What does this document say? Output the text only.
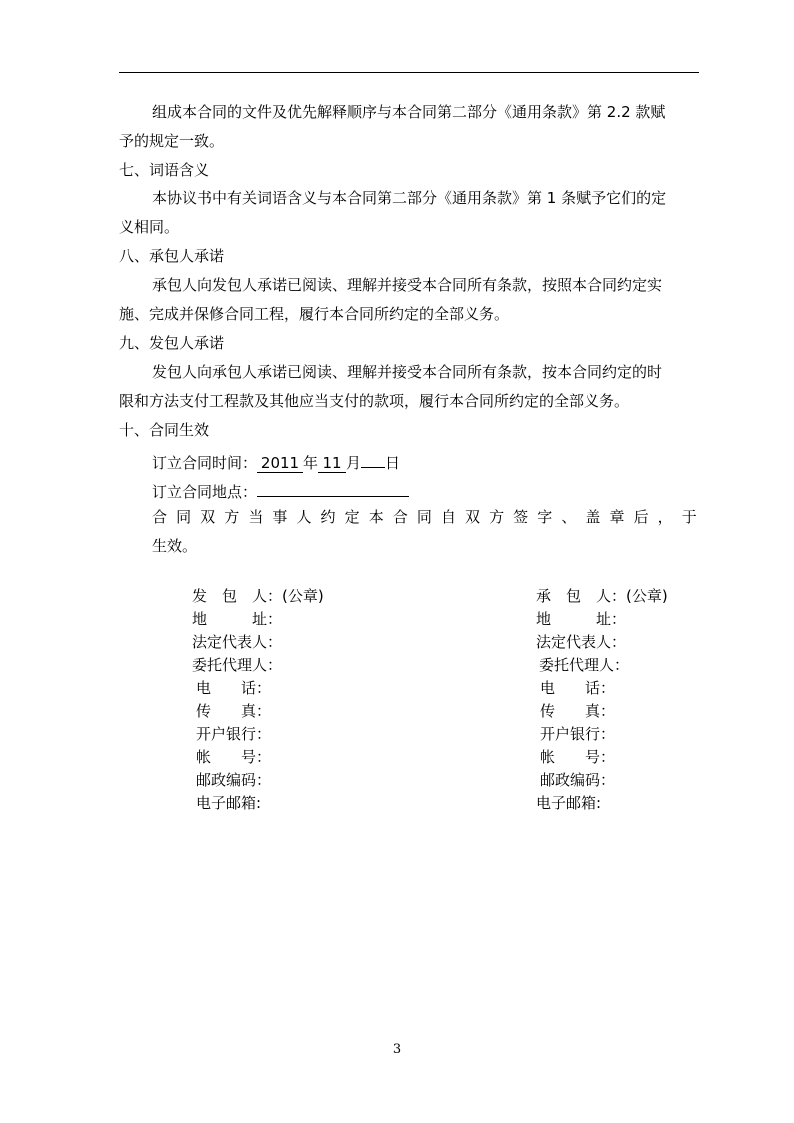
组成本合同的文件及优先解释顺序与本合同第二部分《通用条款》第 2.2 款赋
予的规定一致。
七、词语含义
本协议书中有关词语含义与本合同第二部分《通用条款》第 1 条赋予它们的定
义相同。
八、承包人承诺
承包人向发包人承诺已阅读、理解并接受本合同所有条款，按照本合同约定实
施、完成并保修合同工程，履行本合同所约定的全部义务。
九、发包人承诺
发包人向承包人承诺已阅读、理解并接受本合同所有条款，按本合同约定的时
限和方法支付工程款及其他应当支付的款项，履行本合同所约定的全部义务。
十、合同生效
订立合同时间： 2011 年 11 月 日
订立合同地点：
合 同 双 方 当 事 人 约 定 本 合 同 自 双 方 签 字 、 盖 章 后 ， 于
生效。
发　包　人：(公章)
地　　　址：
法定代表人：
委托代理人：
电　　话：
传　　真：
开户银行：
帐　　号：
邮政编码：
电子邮箱:
承　包　人：(公章)
地　　　址：
法定代表人：
委托代理人：
电　　话：
传　　真：
开户银行：
帐　　号：
邮政编码：
电子邮箱:
3
